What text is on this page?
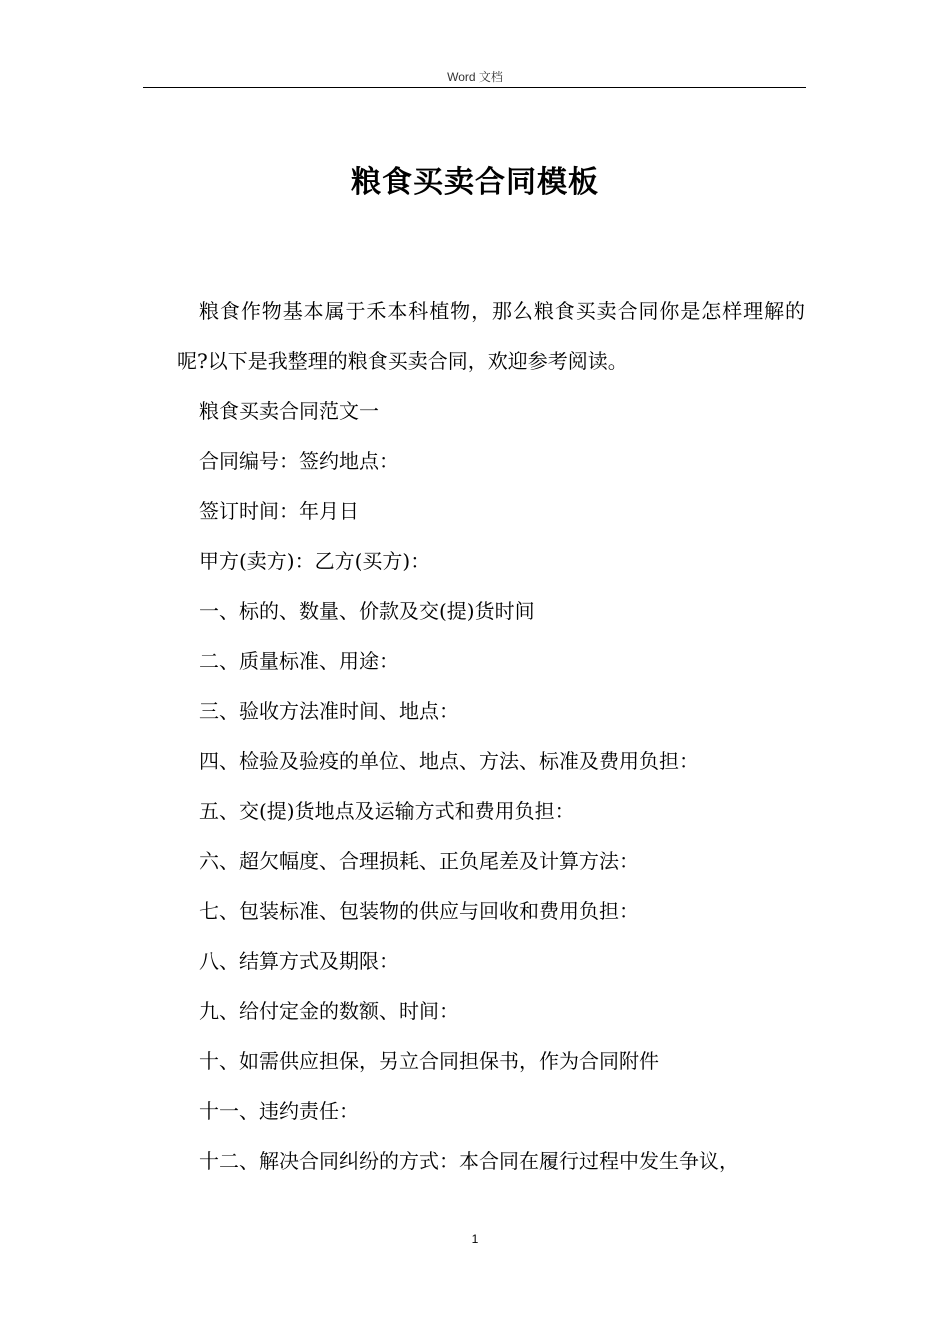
Word 文档
粮食买卖合同模板

粮食作物基本属于禾本科植物，那么粮食买卖合同你是怎样理解的呢?以下是我整理的粮食买卖合同，欢迎参考阅读。

粮食买卖合同范文一

合同编号：签约地点：

签订时间：年月日

甲方(卖方)：乙方(买方)：

一、标的、数量、价款及交(提)货时间

二、质量标准、用途：

三、验收方法准时间、地点：

四、检验及验疫的单位、地点、方法、标准及费用负担：

五、交(提)货地点及运输方式和费用负担：

六、超欠幅度、合理损耗、正负尾差及计算方法：

七、包装标准、包装物的供应与回收和费用负担：

八、结算方式及期限：

九、给付定金的数额、时间：

十、如需供应担保，另立合同担保书，作为合同附件

十一、违约责任：

十二、解决合同纠纷的方式：本合同在履行过程中发生争议，

1
